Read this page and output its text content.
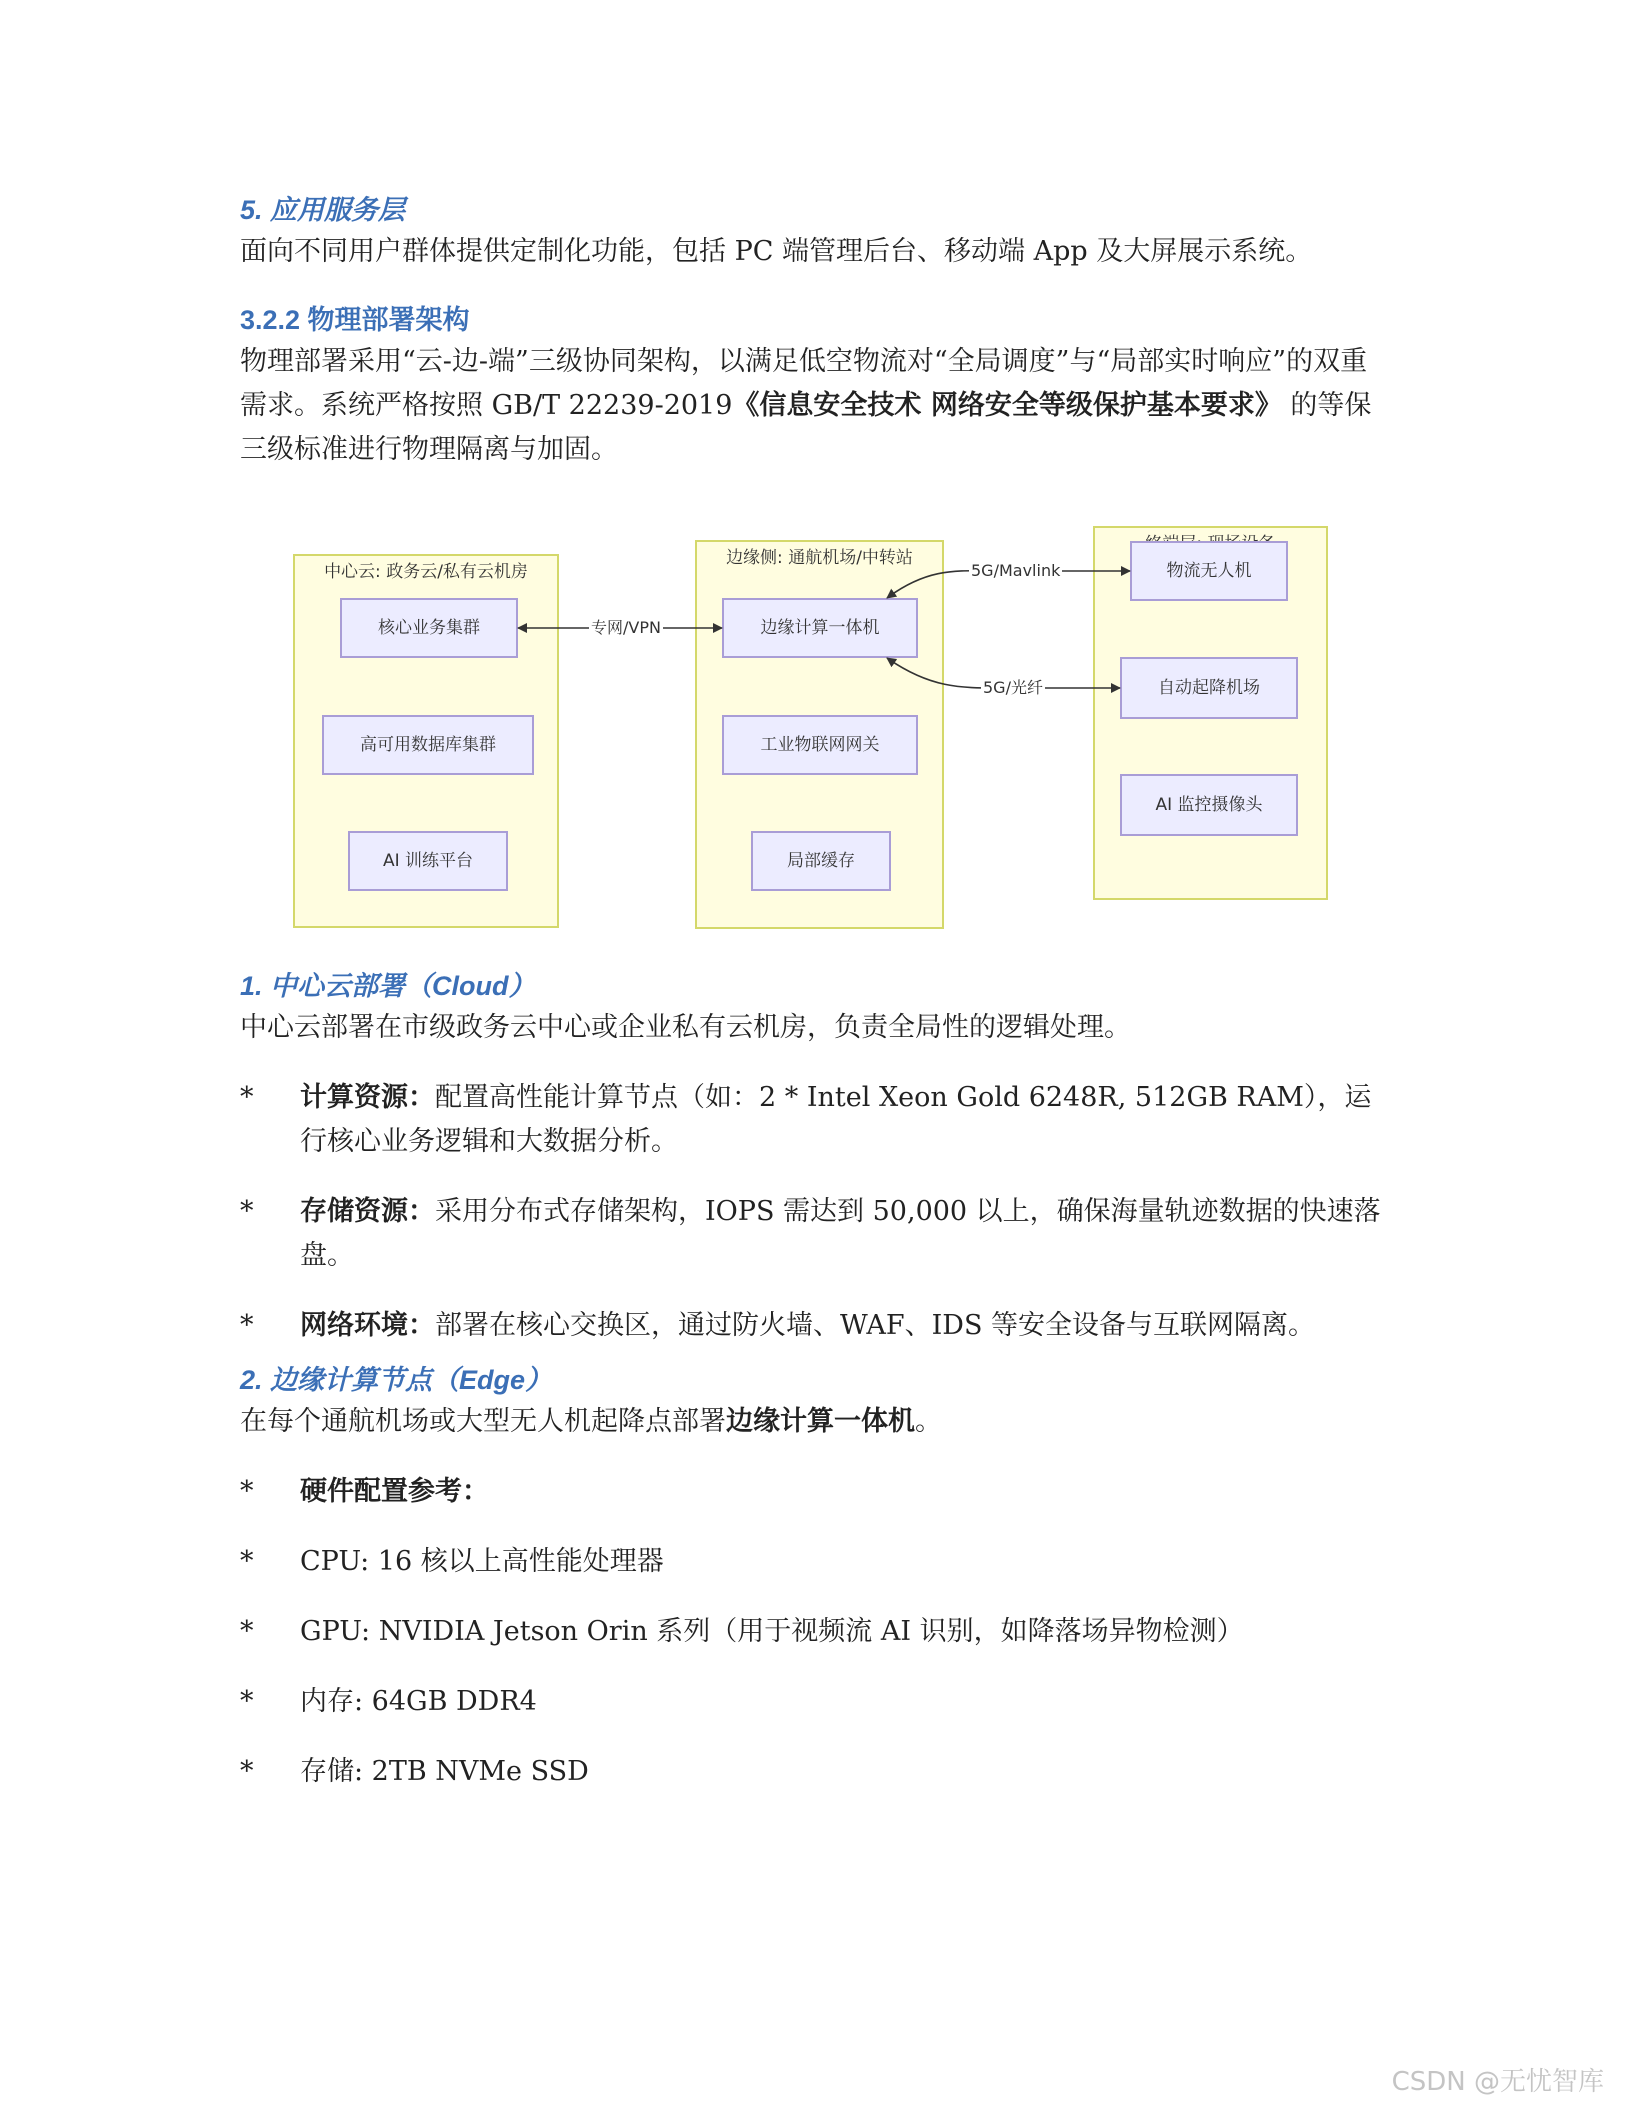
5. 应用服务层

面向不同用户群体提供定制化功能，包括 PC 端管理后台、移动端 App 及大屏展示系统。

3.2.2 物理部署架构

物理部署采用“云-边-端”三级协同架构，以满足低空物流对“全局调度”与“局部实时响应”的双重需求。系统严格按照 GB/T 22239-2019《信息安全技术 网络安全等级保护基本要求》 的等保三级标准进行物理隔离与加固。

中心云: 政务云/私有云机房
边缘侧: 通航机场/中转站
核心业务集群
高可用数据库集群
AI 训练平台
边缘计算一体机
工业物联网网关
局部缓存
物流无人机
自动起降机场
AI 监控摄像头
专网/VPN
5G/Mavlink
5G/光纤
1. 中心云部署（Cloud）

中心云部署在市级政务云中心或企业私有云机房，负责全局性的逻辑处理。

*	计算资源：配置高性能计算节点（如：2 * Intel Xeon Gold 6248R, 512GB RAM），运行核心业务逻辑和大数据分析。
*	存储资源：采用分布式存储架构，IOPS 需达到 50,000 以上，确保海量轨迹数据的快速落盘。
*	网络环境：部署在核心交换区，通过防火墙、WAF、IDS 等安全设备与互联网隔离。
2. 边缘计算节点（Edge）

在每个通航机场或大型无人机起降点部署边缘计算一体机。

*	硬件配置参考：
*	CPU: 16 核以上高性能处理器
*	GPU: NVIDIA Jetson Orin 系列（用于视频流 AI 识别，如降落场异物检测）
*	内存: 64GB DDR4
*	存储: 2TB NVMe SSD
CSDN @无忧智库
